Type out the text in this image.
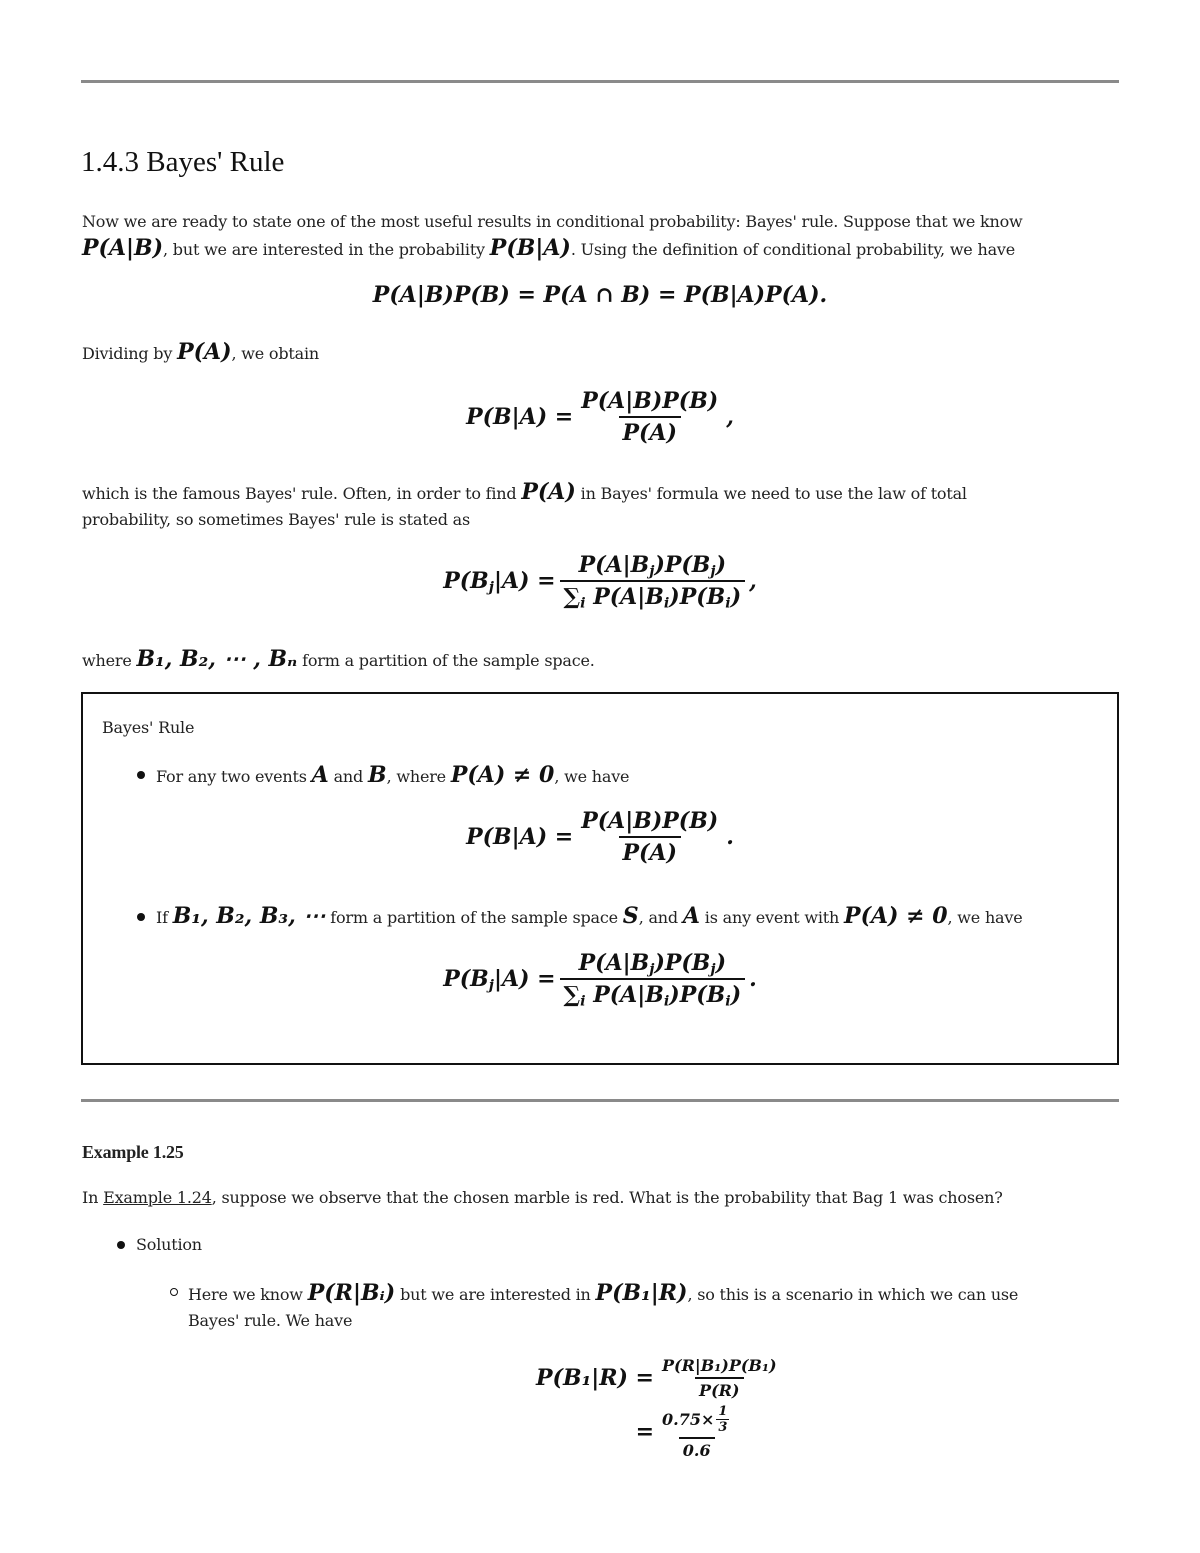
1.4.3 Bayes' Rule
Now we are ready to state one of the most useful results in conditional probability: Bayes' rule. Suppose that we know
P(A|B), but we are interested in the probability P(B|A). Using the definition of conditional probability, we have
P(A|B)P(B) = P(A ∩ B) = P(B|A)P(A).
Dividing by P(A), we obtain
$P(B|A) = \frac{P(A|B)P(B)}{P(A)}$ ,
which is the famous Bayes' rule. Often, in order to find P(A) in Bayes' formula we need to use the law of total
probability, so sometimes Bayes' rule is stated as
$P(B_j|A) = \frac{P(A|B_j)P(B_j)}{\sum_i P(A|B_i)P(B_i)}$ ,
where B₁, B₂, ⋯ , Bₙ form a partition of the sample space.
Bayes' Rule
For any two events A and B, where P(A) ≠ 0, we have
$P(B|A) = \frac{P(A|B)P(B)}{P(A)}$ .
If B₁, B₂, B₃, ⋯ form a partition of the sample space S, and A is any event with P(A) ≠ 0, we have
$P(B_j|A) = \frac{P(A|B_j)P(B_j)}{\sum_i P(A|B_i)P(B_i)}$ .
Example 1.25
In Example 1.24, suppose we observe that the chosen marble is red. What is the probability that Bag 1 was chosen?
Solution
Here we know P(R|Bᵢ) but we are interested in P(B₁|R), so this is a scenario in which we can use
Bayes' rule. We have
$P(B_1|R) = \frac{\text{P(R|B₁)P(B₁)}}{P(R)}$
= $\frac{0.75\times \frac{1}{3}}{0.6}$
